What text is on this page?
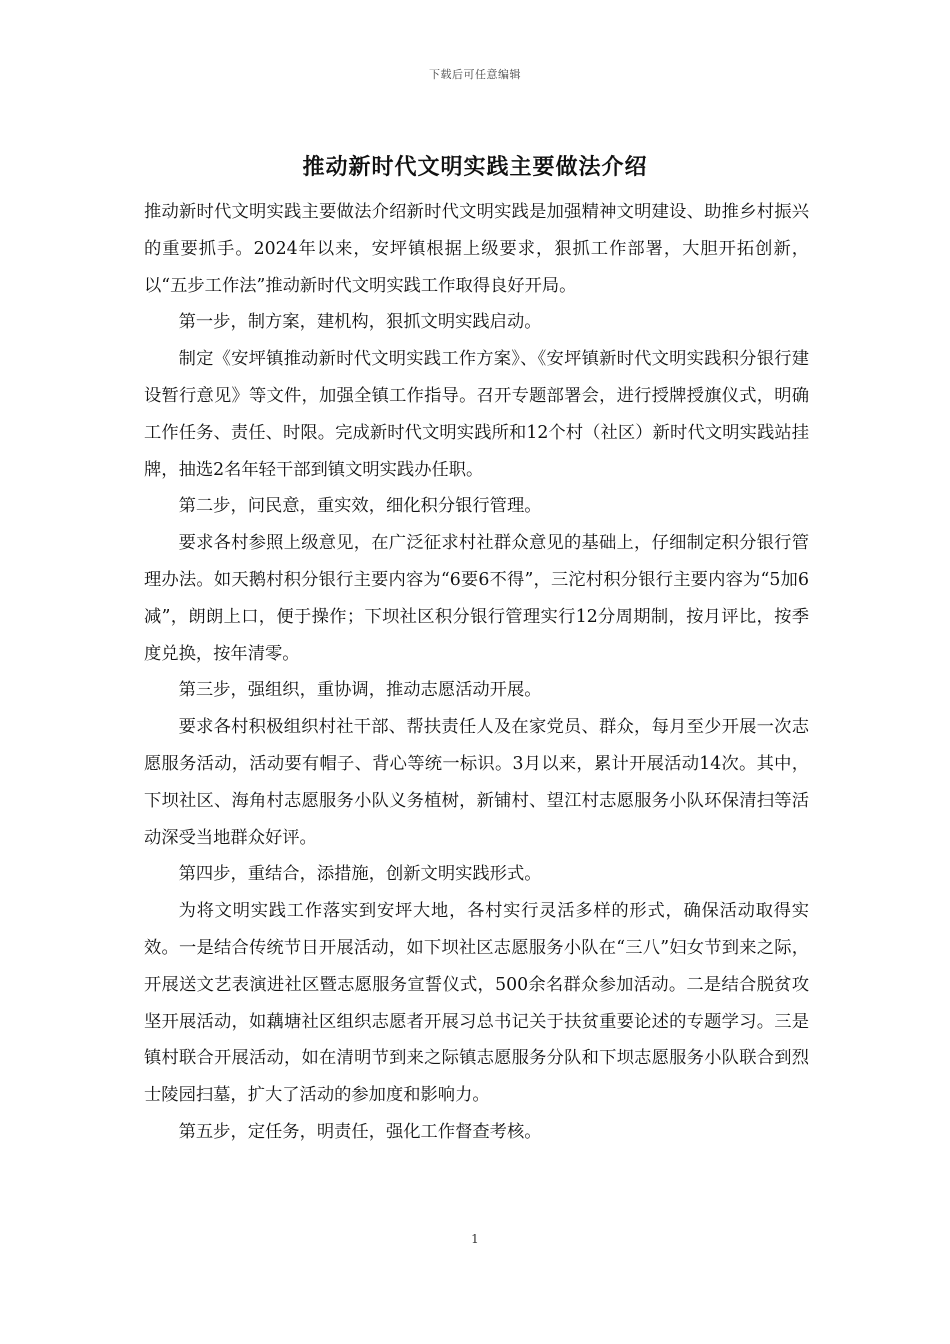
下载后可任意编辑
推动新时代文明实践主要做法介绍

推动新时代文明实践主要做法介绍新时代文明实践是加强精神文明建设、助推乡村振兴的重要抓手。2024年以来，安坪镇根据上级要求，狠抓工作部署，大胆开拓创新，以“五步工作法”推动新时代文明实践工作取得良好开局。

第一步，制方案，建机构，狠抓文明实践启动。

制定《安坪镇推动新时代文明实践工作方案》、《安坪镇新时代文明实践积分银行建设暂行意见》等文件，加强全镇工作指导。召开专题部署会，进行授牌授旗仪式，明确工作任务、责任、时限。完成新时代文明实践所和12个村（社区）新时代文明实践站挂牌，抽选2名年轻干部到镇文明实践办任职。

第二步，问民意，重实效，细化积分银行管理。

要求各村参照上级意见，在广泛征求村社群众意见的基础上，仔细制定积分银行管理办法。如天鹅村积分银行主要内容为“6要6不得”，三沱村积分银行主要内容为“5加6减”，朗朗上口，便于操作；下坝社区积分银行管理实行12分周期制，按月评比，按季度兑换，按年清零。

第三步，强组织，重协调，推动志愿活动开展。

要求各村积极组织村社干部、帮扶责任人及在家党员、群众，每月至少开展一次志愿服务活动，活动要有帽子、背心等统一标识。3月以来，累计开展活动14次。其中，下坝社区、海角村志愿服务小队义务植树，新铺村、望江村志愿服务小队环保清扫等活动深受当地群众好评。

第四步，重结合，添措施，创新文明实践形式。

为将文明实践工作落实到安坪大地，各村实行灵活多样的形式，确保活动取得实效。一是结合传统节日开展活动，如下坝社区志愿服务小队在“三八”妇女节到来之际，开展送文艺表演进社区暨志愿服务宣誓仪式，500余名群众参加活动。二是结合脱贫攻坚开展活动，如藕塘社区组织志愿者开展习总书记关于扶贫重要论述的专题学习。三是镇村联合开展活动，如在清明节到来之际镇志愿服务分队和下坝志愿服务小队联合到烈士陵园扫墓，扩大了活动的参加度和影响力。

第五步，定任务，明责任，强化工作督查考核。

1
